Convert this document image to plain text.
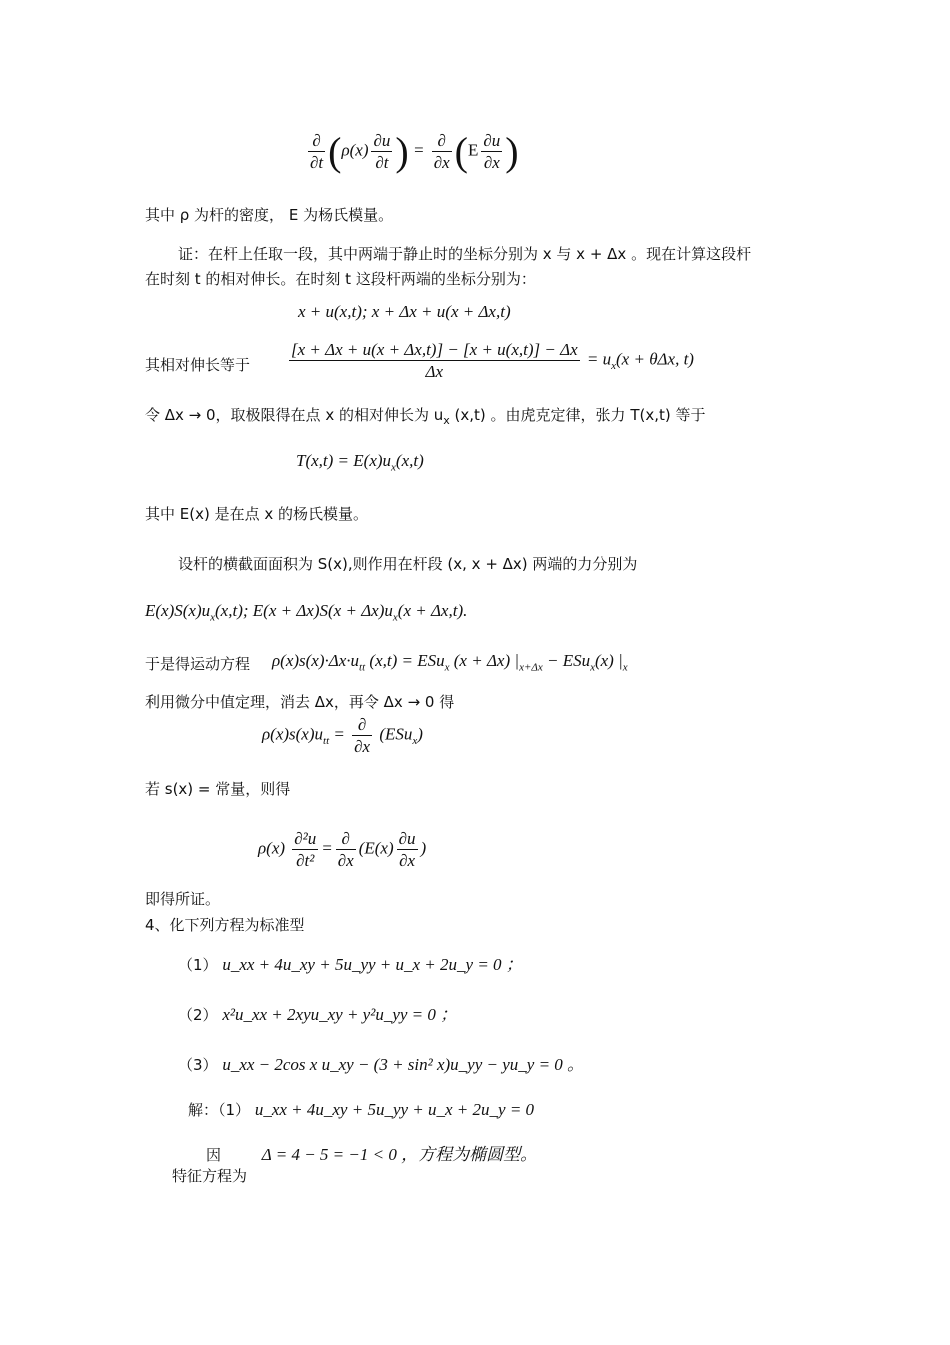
$\frac{\partial}{\partial t} (\rho(x) \frac{\partial u}{\partial t}$ ) = $\frac{\partial}{\partial x} (E \frac{\partial u}{\partial x}$ )
其中 ρ 为杆的密度， E 为杨氏模量。
证：在杆上任取一段，其中两端于静止时的坐标分别为 x 与 x + Δx 。现在计算这段杆
在时刻 t 的相对伸长。在时刻 t 这段杆两端的坐标分别为：
x + u(x,t); x + Δx + u(x + Δx,t)
其相对伸长等于 $\frac{[x + \Delta x + u(x + \Delta x,t)] - [x + u(x,t)] - \Delta x}{\Delta x} = u_x(x + \theta\Delta x$, t)
令 Δx → 0，取极限得在点 x 的相对伸长为 $u_x$ (x,t) 。由虎克定律，张力 T(x,t) 等于
$T(x,t) = E(x)u_x(x,t)$
其中 E(x) 是在点 x 的杨氏模量。
设杆的横截面面积为 S(x),则作用在杆段 (x, x + Δx) 两端的力分别为
$E(x)S(x)u_x(x,t)$; $E(x + \Delta x)S(x + \Delta x)u_x(x + \Delta x,t)$.
于是得运动方程 $\rho(x)s(x)\cdot\Delta x\cdot u_{tt}$ (x,t) = ESu$_x$ (x + Δx) $|_{x+\Delta x} - ESu_x(x)$ $|_x$
利用微分中值定理，消去 Δx，再令 Δx → 0 得
$\rho(x)s(x)u_{tt} = \frac{\partial}{\partial x} (ESu_x)$
若 s(x) = 常量，则得
$\rho(x) \frac{\text{∂²u}}{\text{∂t²}} = \frac{\partial}{\partial x} (E(x) \frac{\partial u}{\partial x}$ )
即得所证。
4、化下列方程为标准型
（1） u_xx + 4u_xy + 5u_yy + u_x + 2u_y = 0 ；
（2） x²u_xx + 2xyu_xy + y²u_yy = 0 ；
（3） u_xx − 2cos x u_xy − (3 + sin² x)u_yy − yu_y = 0 。
解：（1） u_xx + 4u_xy + 5u_yy + u_x + 2u_y = 0
因 Δ = 4 − 5 = −1 < 0 ，方程为椭圆型。
特征方程为
